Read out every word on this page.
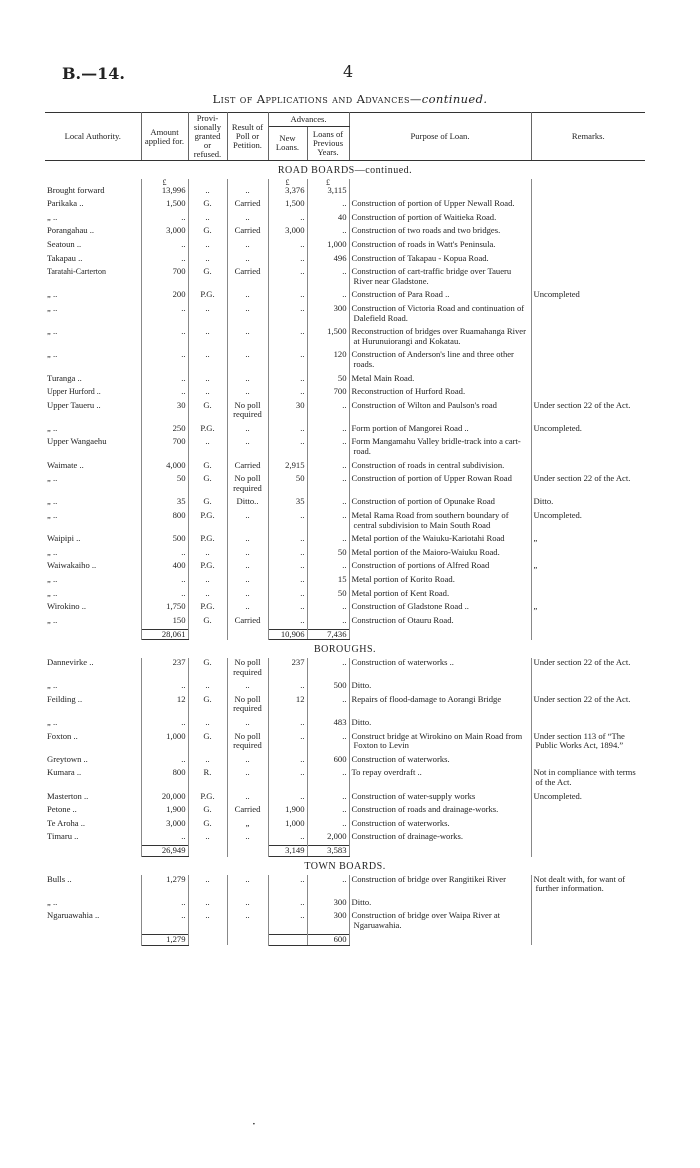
B.—14.	4
List of Applications and Advances—continued.
Local Authority.	Amount applied for.	Provi-sionally granted or refused.	Result of Poll or Petition.	Advances.		Purpose of Loan.	Remarks.
				New Loans.	Loans of Previous Years.		
ROAD BOARDS—continued.							
	£			£	£		
Brought forward	13,996	..	..	3,376	3,115		

Parikaka ..	1,500	G.	Carried	1,500	..	Construction of portion of Upper Newall Road.	

„ ..	..	..	..	..	40	Construction of portion of Waitieka Road.	

Porangahau ..	3,000	G.	Carried	3,000	..	Construction of two roads and two bridges.	

Seatoun ..	..	..	..	..	1,000	Construction of roads in Watt's Peninsula.	

Takapau ..	..	..	..	..	496	Construction of Takapau - Kopua Road.	

Taratahi-Carterton	700	G.	Carried	..	..	Construction of cart-traffic bridge over Taueru River near Gladstone.	

„ ..	200	P.G.	..	..	..	Construction of Para Road ..	Uncompleted

„ ..	..	..	..	..	300	Construction of Victoria Road and continuation of Dalefield Road.	

„ ..	..	..	..	..	1,500	Reconstruction of bridges over Ruamahanga River at Hurunuiorangi and Kokatau.	

„ ..	..	..	..	..	120	Construction of Anderson's line and three other roads.	

Turanga ..	..	..	..	..	50	Metal Main Road.	

Upper Hurford ..	..	..	..	..	700	Reconstruction of Hurford Road.	

Upper Taueru ..	30	G.	No poll required	30	..	Construction of Wilton and Paulson's road	Under section 22 of the Act.

„ ..	250	P.G.	..	..	..	Form portion of Mangorei Road ..	Uncompleted.

Upper Wangaehu	700	..	..	..	..	Form Mangamahu Valley bridle-track into a cart-road.	

Waimate ..	4,000	G.	Carried	2,915	..	Construction of roads in central subdivision.	

„ ..	50	G.	No poll required	50	..	Construction of portion of Upper Rowan Road	Under section 22 of the Act.

„ ..	35	G.	Ditto..	35	..	Construction of portion of Opunake Road	Ditto.

„ ..	800	P.G.	..	..	..	Metal Rama Road from southern boundary of central subdivision to Main South Road	Uncompleted.

Waipipi ..	500	P.G.	..	..	..	Metal portion of the Waiuku-Kariotahi Road	„

„ ..	..	..	..	..	50	Metal portion of the Maioro-Waiuku Road.	

Waiwakaiho ..	400	P.G.	..	..	..	Construction of portions of Alfred Road	„

„ ..	..	..	..	..	15	Metal portion of Korito Road.	

„ ..	..	..	..	..	50	Metal portion of Kent Road.	

Wirokino ..	1,750	P.G.	..	..	..	Construction of Gladstone Road ..	„

„ ..	150	G.	Carried	..	..	Construction of Otauru Road.	

	28,061			10,906	7,436		
BOROUGHS.							
Dannevirke ..	237	G.	No poll required	237	..	Construction of waterworks ..	Under section 22 of the Act.

„ ..	..	..	..	..	500	Ditto.	

Feilding ..	12	G.	No poll required	12	..	Repairs of flood-damage to Aorangi Bridge	Under section 22 of the Act.

„ ..	..	..	..	..	483	Ditto.	

Foxton ..	1,000	G.	No poll required	..	..	Construct bridge at Wirokino on Main Road from Foxton to Levin	Under section 113 of “The Public Works Act, 1894.”

Greytown ..	..	..	..	..	600	Construction of waterworks.	

Kumara ..	800	R.	..	..	..	To repay overdraft ..	Not in compliance with terms of the Act.

Masterton ..	20,000	P.G.	..	..	..	Construction of water-supply works	Uncompleted.

Petone ..	1,900	G.	Carried	1,900	..	Construction of roads and drainage-works.	

Te Aroha ..	3,000	G.	„	1,000	..	Construction of waterworks.	

Timaru ..	..	..	..	..	2,000	Construction of drainage-works.	

	26,949			3,149	3,583		
TOWN BOARDS.							
Bulls ..	1,279	..	..	..	..	Construction of bridge over Rangitikei River	Not dealt with, for want of further information.

„ ..	..	..	..	..	300	Ditto.	

Ngaruawahia ..	..	..	..	..	300	Construction of bridge over Waipa River at Ngaruawahia.	

	1,279				600		
·
